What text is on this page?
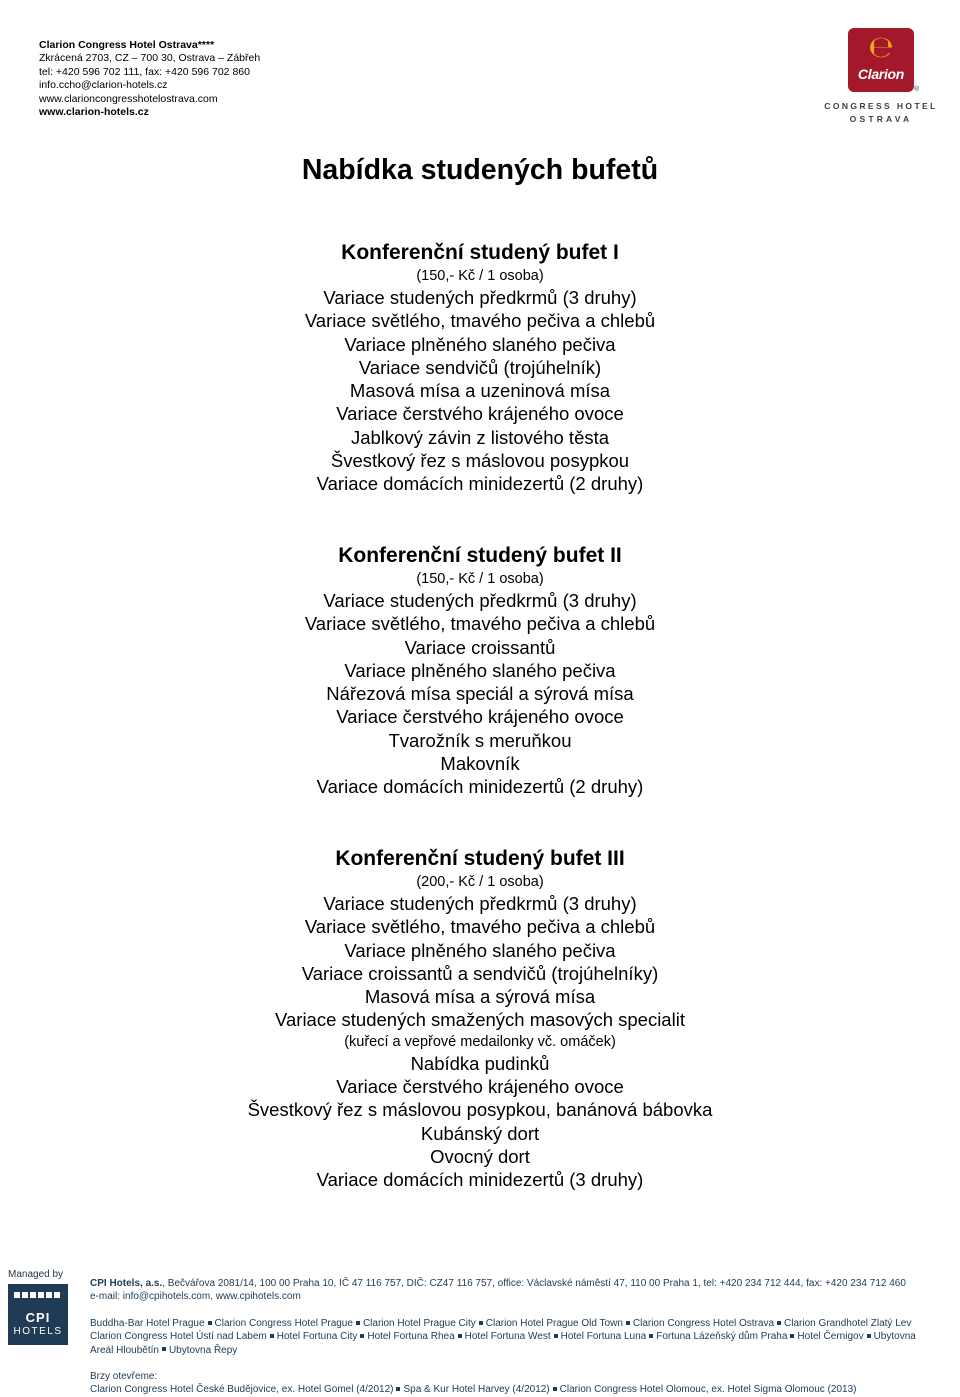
Clarion Congress Hotel Ostrava****
Zkrácená 2703, CZ – 700 30, Ostrava – Zábřeh
tel: +420 596 702 111, fax: +420 596 702 860
info.ccho@clarion-hotels.cz
www.clarioncongresshotelostrava.com
www.clarion-hotels.cz
℮
Clarion
®
CONGRESS HOTEL
OSTRAVA
Nabídka studených bufetů
Konferenční studený bufet I
(150,- Kč / 1 osoba)
Variace studených předkrmů (3 druhy)
Variace světlého, tmavého pečiva a chlebů
Variace plněného slaného pečiva
Variace sendvičů (trojúhelník)
Masová mísa a uzeninová mísa
Variace čerstvého krájeného ovoce
Jablkový závin z listového těsta
Švestkový řez s máslovou posypkou
Variace domácích minidezertů (2 druhy)
Konferenční studený bufet II
(150,- Kč / 1 osoba)
Variace studených předkrmů (3 druhy)
Variace světlého, tmavého pečiva a chlebů
Variace croissantů
Variace plněného slaného pečiva
Nářezová mísa speciál a sýrová mísa
Variace čerstvého krájeného ovoce
Tvarožník s meruňkou
Makovník
Variace domácích minidezertů (2 druhy)
Konferenční studený bufet III
(200,- Kč / 1 osoba)
Variace studených předkrmů (3 druhy)
Variace světlého, tmavého pečiva a chlebů
Variace plněného slaného pečiva
Variace croissantů a sendvičů (trojúhelníky)
Masová mísa a sýrová mísa
Variace studených smažených masových specialit
(kuřecí a vepřové medailonky vč. omáček)
Nabídka pudinků
Variace čerstvého krájeného ovoce
Švestkový řez s máslovou posypkou, banánová bábovka
Kubánský dort
Ovocný dort
Variace domácích minidezertů (3 druhy)
Managed by
CPI
HOTELS
CPI Hotels, a.s., Bečvářova 2081/14, 100 00 Praha 10, IČ 47 116 757, DIČ: CZ47 116 757, office: Václavské náměstí 47, 110 00 Praha 1, tel: +420 234 712 444, fax: +420 234 712 460
e-mail: info@cpihotels.com, www.cpihotels.com
Buddha-Bar Hotel Prague Clarion Congress Hotel Prague Clarion Hotel Prague City Clarion Hotel Prague Old Town Clarion Congress Hotel Ostrava Clarion Grandhotel Zlatý Lev
Clarion Congress Hotel Ústí nad Labem Hotel Fortuna City Hotel Fortuna Rhea Hotel Fortuna West Hotel Fortuna Luna Fortuna Lázeňský dům Praha Hotel Černigov Ubytovna
Areál Hloubětín Ubytovna Řepy
Brzy otevřeme:
Clarion Congress Hotel České Budějovice, ex. Hotel Gomel (4/2012) Spa & Kur Hotel Harvey (4/2012) Clarion Congress Hotel Olomouc, ex. Hotel Sigma Olomouc (2013)
